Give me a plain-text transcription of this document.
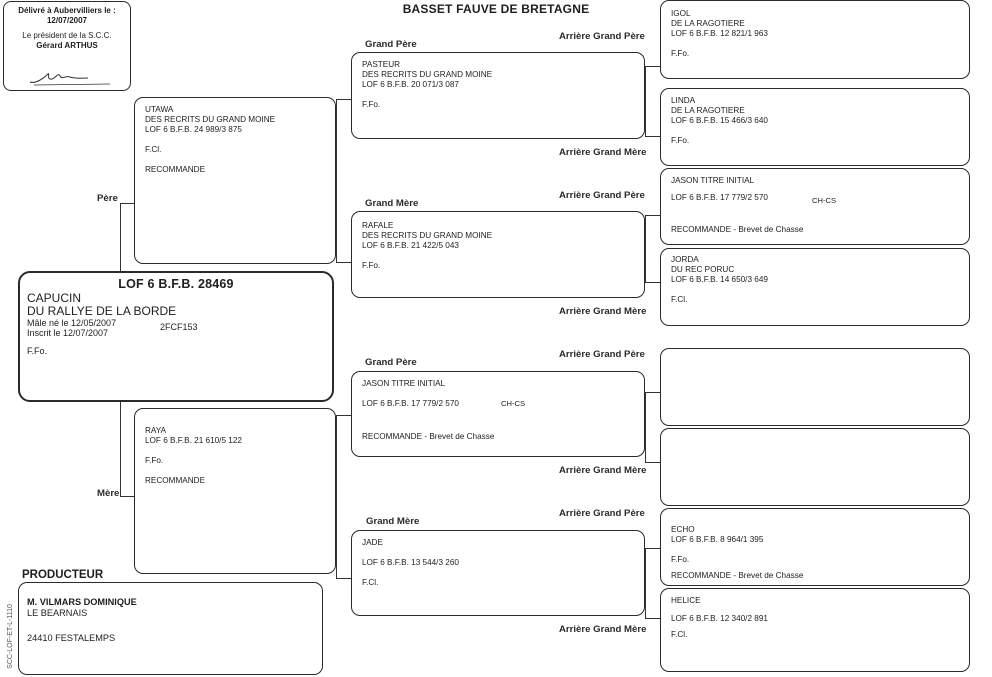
BASSET FAUVE DE BRETAGNE
Délivré à Aubervilliers le :
12/07/2007
Le président de la S.C.C.
Gérard ARTHUS
Père
Mère
Grand Père
Grand Mère
Grand Père
Grand Mère
Arrière Grand Père
Arrière Grand Mère
Arrière Grand Père
Arrière Grand Mère
Arrière Grand Père
Arrière Grand Mère
Arrière Grand Père
Arrière Grand Mère
LOF 6 B.F.B. 28469
CAPUCIN
DU RALLYE DE LA BORDE
Mâle né le 12/05/2007	2FCF153
Inscrit le 12/07/2007
F.Fo.
UTAWA
DES RECRITS DU GRAND MOINE
LOF 6 B.F.B. 24 989/3 875
F.Cl.
RECOMMANDE
RAYA
LOF 6 B.F.B. 21 610/5 122
F.Fo.
RECOMMANDE
PASTEUR
DES RECRITS DU GRAND MOINE
LOF 6 B.F.B. 20 071/3 087
F.Fo.
RAFALE
DES RECRITS DU GRAND MOINE
LOF 6 B.F.B. 21 422/5 043
F.Fo.
JASON TITRE INITIAL
LOF 6 B.F.B. 17 779/2 570	CH-CS
RECOMMANDE - Brevet de Chasse
JADE
LOF 6 B.F.B. 13 544/3 260
F.Cl.
IGOL
DE LA RAGOTIERE
LOF 6 B.F.B. 12 821/1 963
F.Fo.
LINDA
DE LA RAGOTIERE
LOF 6 B.F.B. 15 466/3 640
F.Fo.
JASON TITRE INITIAL
LOF 6 B.F.B. 17 779/2 570	CH-CS
RECOMMANDE - Brevet de Chasse
JORDA
DU REC PORUC
LOF 6 B.F.B. 14 650/3 649
F.Cl.
ECHO
LOF 6 B.F.B. 8 964/1 395
F.Fo.
RECOMMANDE - Brevet de Chasse
HELICE
LOF 6 B.F.B. 12 340/2 891
F.Cl.
PRODUCTEUR
M. VILMARS DOMINIQUE
LE BEARNAIS
24410 FESTALEMPS
SCC-LOF-ET-L-1110
